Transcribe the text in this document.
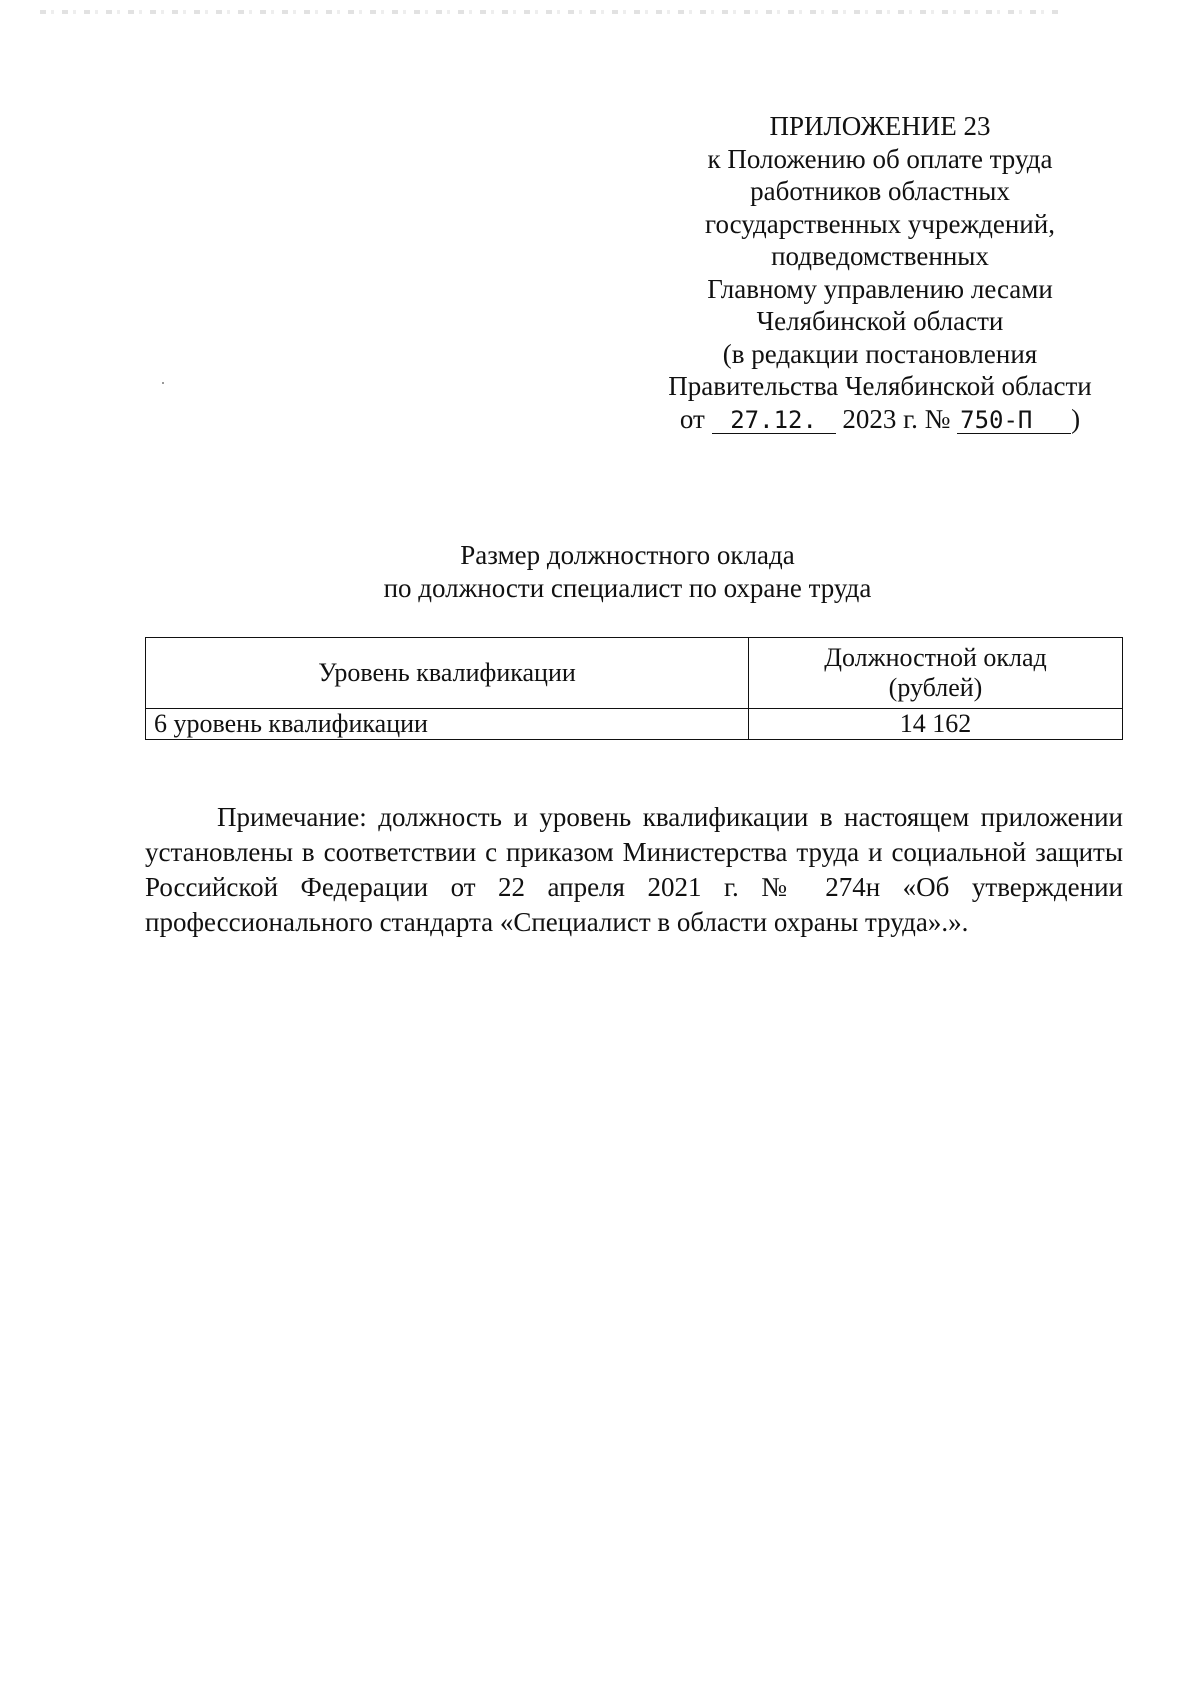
ПРИЛОЖЕНИЕ 23
к Положению об оплате труда
работников областных
государственных учреждений,
подведомственных
Главному управлению лесами
Челябинской области
(в редакции постановления
Правительства Челябинской области
от 27.12. 2023 г. № 750-П )
Размер должностного оклада
по должности специалист по охране труда
Уровень квалификации	Должностной оклад
(рублей)
6 уровень квалификации	14 162

Примечание: должность и уровень квалификации в настоящем приложении установлены в соответствии с приказом Министерства труда и социальной защиты Российской Федерации от 22 апреля 2021 г. № 274н «Об утверждении профессионального стандарта «Специалист в области охраны труда».».
